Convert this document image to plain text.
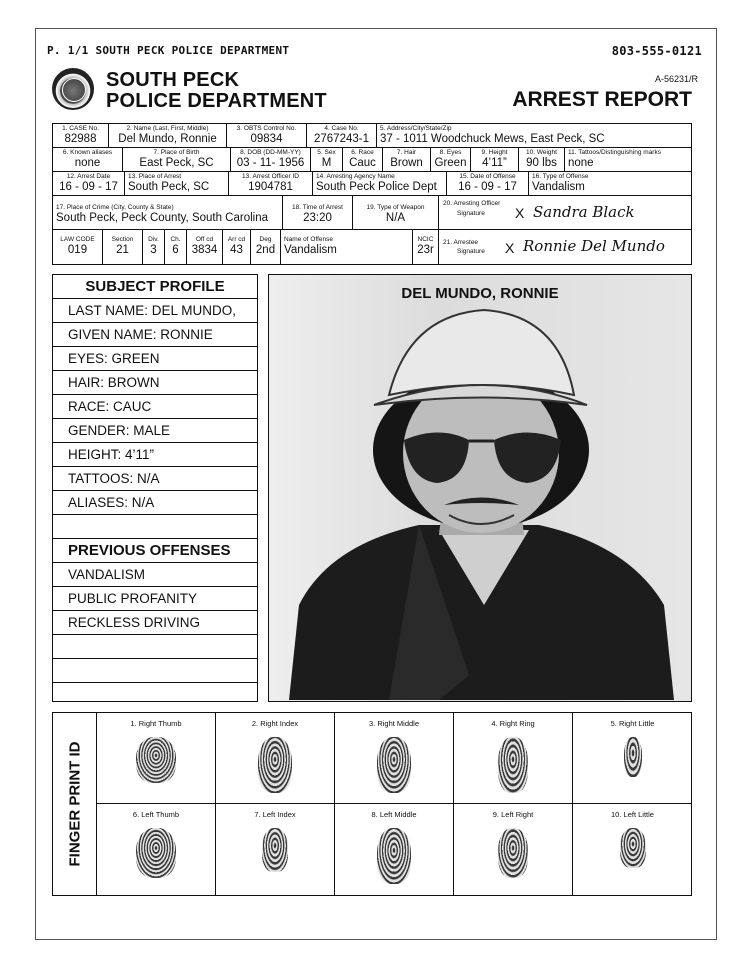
P. 1/1 SOUTH PECK POLICE DEPARTMENT	803-555-0121
SOUTH PECK
POLICE DEPARTMENT
A-56231/R
ARREST REPORT
1. CASE No.
82988
2. Name (Last, First, Middle)
Del Mundo, Ronnie
3. OBTS Control No.
09834
4. Case No.
2767243-1
5. Address/City/State/Zip
37 - 1011 Woodchuck Mews, East Peck, SC
6. Known aliases
none
7. Place of Birth
East Peck, SC
8. DOB (DD-MM-YY)
03 - 11- 1956
5. Sex
M
6. Race
Cauc
7. Hair
Brown
8. Eyes
Green
9. Height
4’11”
10. Weight
90 lbs
11. Tattoos/Distinguishing marks
none
12. Arrest Date
16 - 09 - 17
13. Place of Arrest
South Peck, SC
13. Arrest Officer ID
1904781
14. Arresting Agency Name
South Peck Police Dept
15. Date of Offense
16 - 09 - 17
16. Type of Offense
Vandalism
17. Place of Crime (City, County & State)
South Peck, Peck County, South Carolina
18. Time of Arrest
23:20
19. Type of Weapon
N/A
20. Arresting Officer
Signature X Sandra Black
LAW CODE
019
Section
21
Div.
3
Ch.
6
Off cd
3834
Arr cd
43
Deg
2nd
Name of Offense
Vandalism
NCIC
23r
21. Arrestee
Signature X Ronnie Del Mundo
SUBJECT PROFILE
LAST NAME: DEL MUNDO,
GIVEN NAME: RONNIE
EYES: GREEN
HAIR: BROWN
RACE: CAUC
GENDER: MALE
HEIGHT: 4’11”
TATTOOS: N/A
ALIASES: N/A
PREVIOUS OFFENSES
VANDALISM
PUBLIC PROFANITY
RECKLESS DRIVING
DEL MUNDO, RONNIE
FINGER PRINT ID
1. Right Thumb	2. Right Index	3. Right Middle	4. Right Ring	5. Right Little
6. Left Thumb	7. Left Index	8. Left Middle	9. Left Right	10. Left Little
